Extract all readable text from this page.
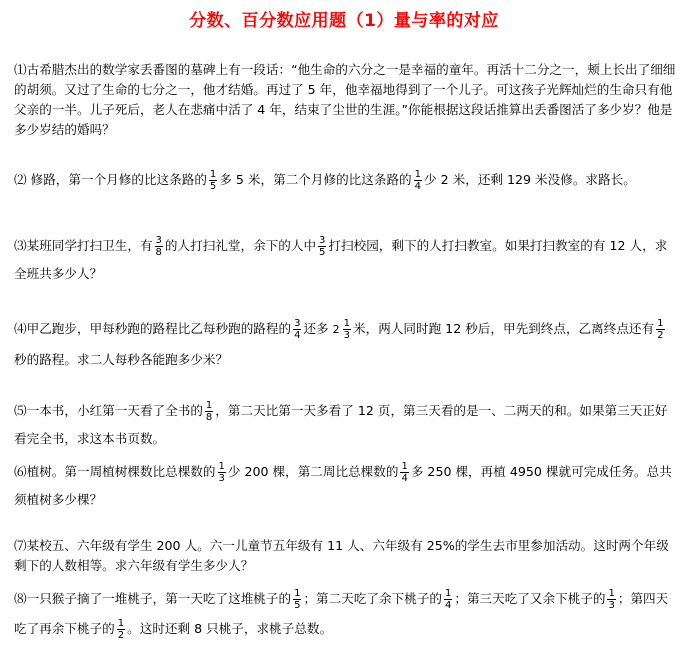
分数、百分数应用题（1）量与率的对应

⑴古希腊杰出的数学家丢番图的墓碑上有一段话：“他生命的六分之一是幸福的童年。再活十二分之一，颊上长出了细细的胡须。又过了生命的七分之一，他才结婚。再过了 5 年，他幸福地得到了一个儿子。可这孩子光辉灿烂的生命只有他父亲的一半。儿子死后，老人在悲痛中活了 4 年，结束了尘世的生涯。”你能根据这段话推算出丢番图活了多少岁？他是多少岁结的婚吗？

⑵ 修路，第一个月修的比这条路的 $\frac{1}{5}$ 多 5 米，第二个月修的比这条路的 $\frac{1}{4}$ 少 2 米，还剩 129 米没修。求路长。

⑶某班同学打扫卫生，有 $\frac{3}{8}$ 的人打扫礼堂，余下的人中 $\frac{3}{5}$ 打扫校园，剩下的人打扫教室。如果打扫教室的有 12 人，求全班共多少人？

⑷甲乙跑步，甲每秒跑的路程比乙每秒跑的路程的 $\frac{3}{4}$ 还多 $2 \frac{1}{3}$ 米，两人同时跑 12 秒后，甲先到终点，乙离终点还有 $\frac{1}{2}$
秒的路程。求二人每秒各能跑多少米？

⑸一本书，小红第一天看了全书的 $\frac{1}{8}$ ，第二天比第一天多看了 12 页，第三天看的是一、二两天的和。如果第三天正好看完全书，求这本书页数。

⑹植树。第一周植树棵数比总棵数的 $\frac{1}{3}$ 少 200 棵，第二周比总棵数的 $\frac{1}{4}$ 多 250 棵，再植 4950 棵就可完成任务。总共须植树多少棵？

⑺某校五、六年级有学生 200 人。六一儿童节五年级有 11 人、六年级有 25%的学生去市里参加活动。这时两个年级剩下的人数相等。求六年级有学生多少人？

⑻一只猴子摘了一堆桃子，第一天吃了这堆桃子的 $\frac{1}{5}$ ；第二天吃了余下桃子的 $\frac{1}{4}$ ；第三天吃了又余下桃子的 $\frac{1}{3}$ ；第四天吃了再余下桃子的 $\frac{1}{2}$ 。这时还剩 8 只桃子，求桃子总数。
